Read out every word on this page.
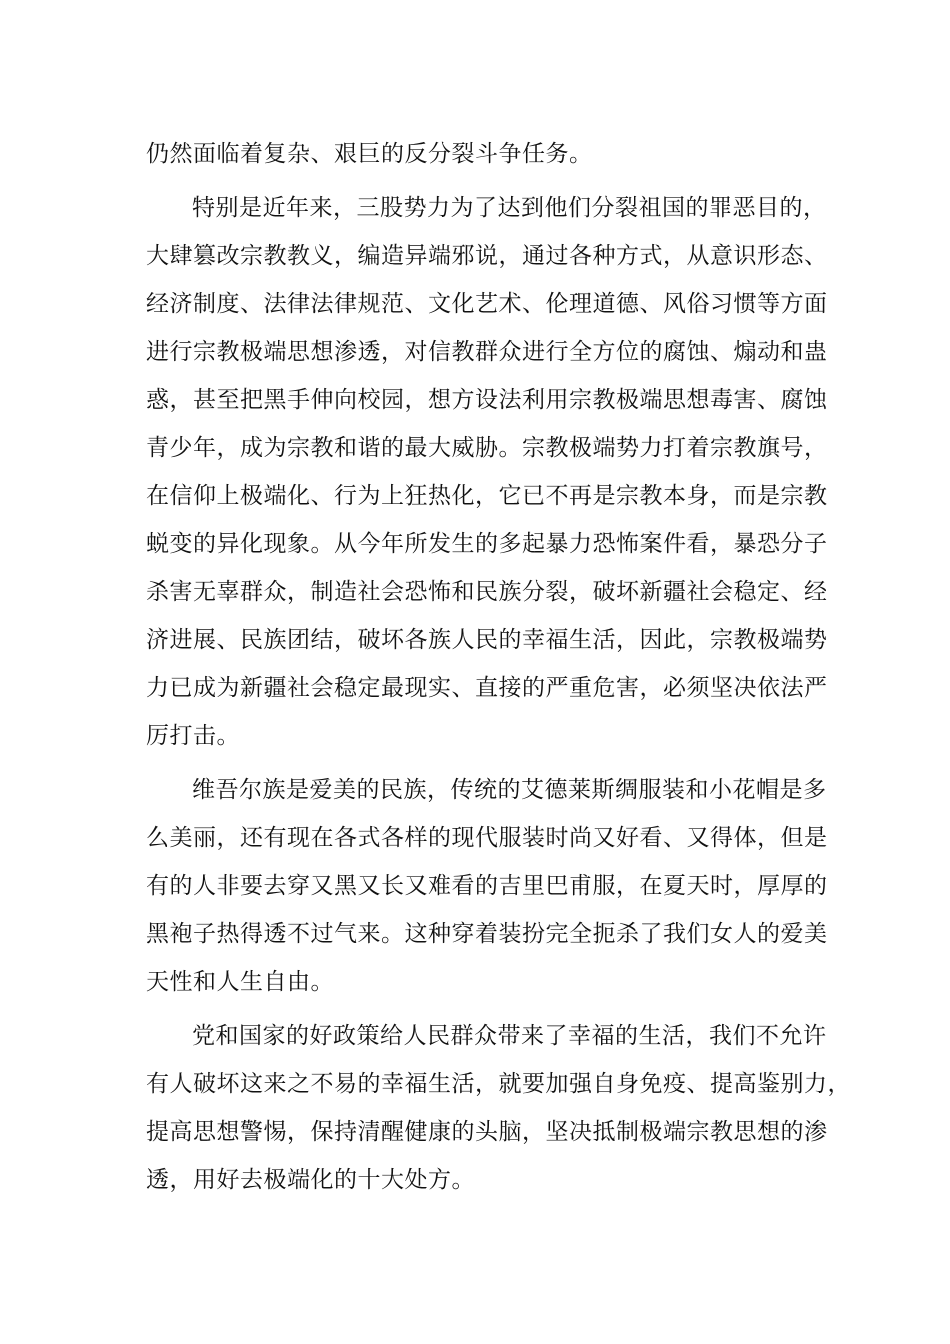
仍然面临着复杂、艰巨的反分裂斗争任务。
特别是近年来，三股势力为了达到他们分裂祖国的罪恶目的，
大肆篡改宗教教义，编造异端邪说，通过各种方式，从意识形态、
经济制度、法律法律规范、文化艺术、伦理道德、风俗习惯等方面
进行宗教极端思想渗透，对信教群众进行全方位的腐蚀、煽动和蛊
惑，甚至把黑手伸向校园，想方设法利用宗教极端思想毒害、腐蚀
青少年，成为宗教和谐的最大威胁。宗教极端势力打着宗教旗号，
在信仰上极端化、行为上狂热化，它已不再是宗教本身，而是宗教
蜕变的异化现象。从今年所发生的多起暴力恐怖案件看，暴恐分子
杀害无辜群众，制造社会恐怖和民族分裂，破坏新疆社会稳定、经
济进展、民族团结，破坏各族人民的幸福生活，因此，宗教极端势
力已成为新疆社会稳定最现实、直接的严重危害，必须坚决依法严
厉打击。
维吾尔族是爱美的民族，传统的艾德莱斯绸服装和小花帽是多
么美丽，还有现在各式各样的现代服装时尚又好看、又得体，但是
有的人非要去穿又黑又长又难看的吉里巴甫服，在夏天时，厚厚的
黑袍子热得透不过气来。这种穿着装扮完全扼杀了我们女人的爱美
天性和人生自由。
党和国家的好政策给人民群众带来了幸福的生活，我们不允许
有人破坏这来之不易的幸福生活，就要加强自身免疫、提高鉴别力，
提高思想警惕，保持清醒健康的头脑，坚决抵制极端宗教思想的渗
透，用好去极端化的十大处方。
